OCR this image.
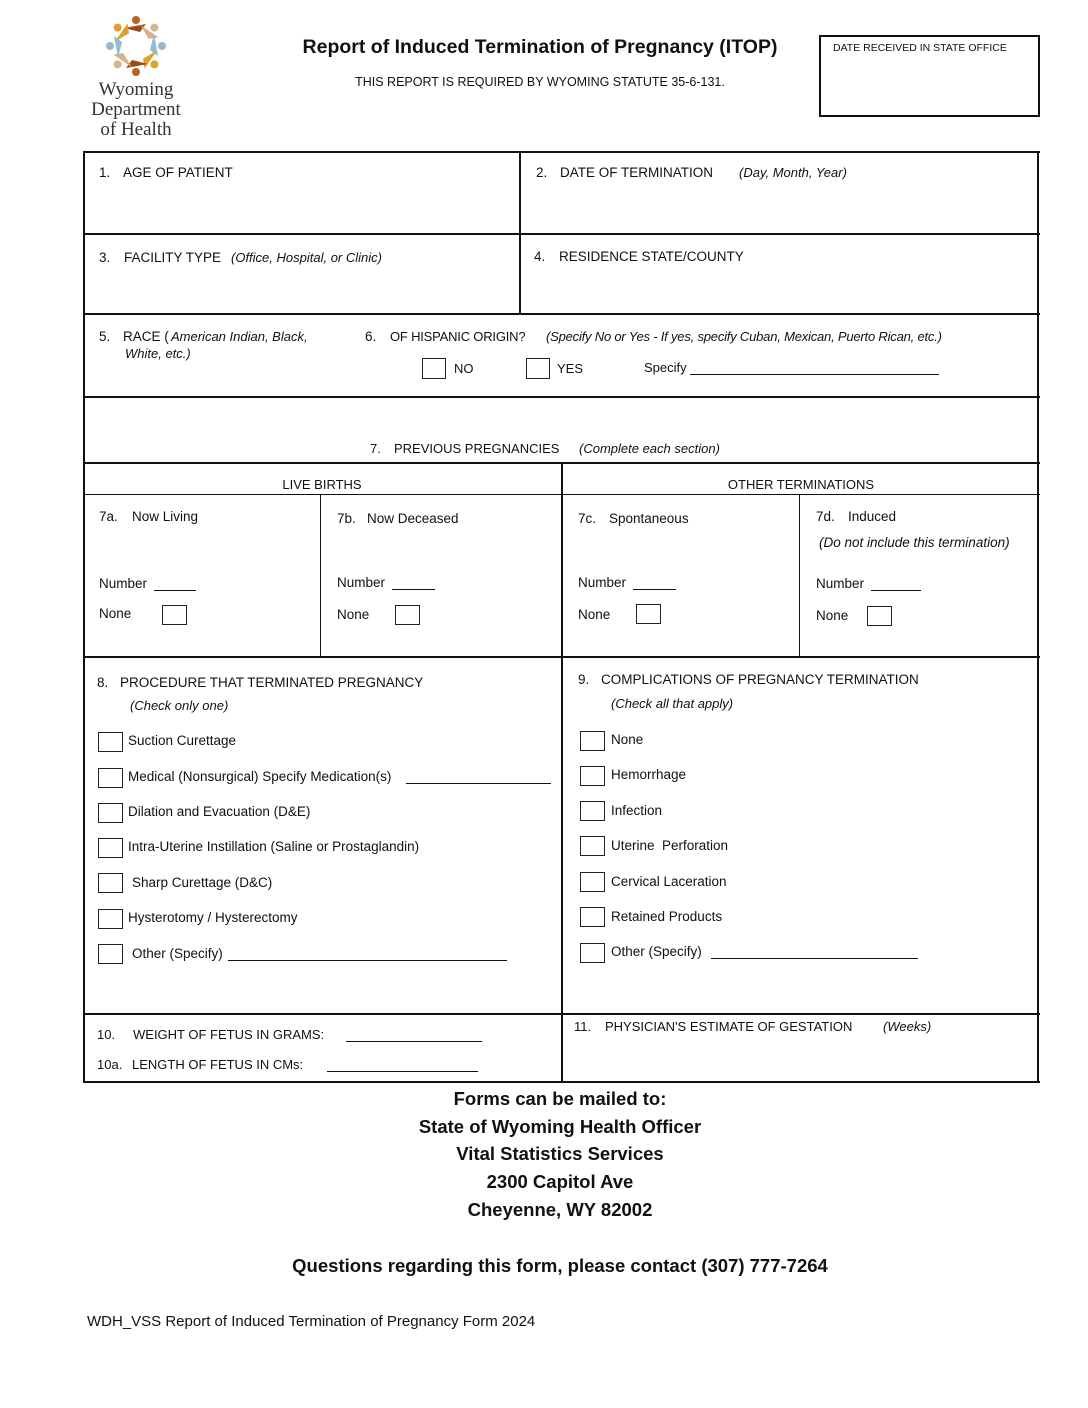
Wyoming
Department
of Health
Report of Induced Termination of Pregnancy (ITOP)
THIS REPORT IS REQUIRED BY WYOMING STATUTE 35-6-131.
DATE RECEIVED IN STATE OFFICE
1. AGE OF PATIENT	2. DATE OF TERMINATION (Day, Month, Year)
3. FACILITY TYPE (Office, Hospital, or Clinic)	4. RESIDENCE STATE/COUNTY
5. RACE ( American Indian, Black,
White, etc.)
6. OF HISPANIC ORIGIN? (Specify No or Yes - If yes, specify Cuban, Mexican, Puerto Rican, etc.)
NO	YES	Specify
7. PREVIOUS PREGNANCIES (Complete each section)
LIVE BIRTHS	OTHER TERMINATIONS
7a. Now Living
Number
None
7b. Now Deceased
Number
None
7c. Spontaneous
Number
None
7d. Induced
(Do not include this termination)
Number
None
8. PROCEDURE THAT TERMINATED PREGNANCY
(Check only one)
Suction Curettage
Medical (Nonsurgical) Specify Medication(s)
Dilation and Evacuation (D&E)
Intra-Uterine Instillation (Saline or Prostaglandin)
Sharp Curettage (D&C)
Hysterotomy / Hysterectomy
Other (Specify)
9. COMPLICATIONS OF PREGNANCY TERMINATION
(Check all that apply)
None
Hemorrhage
Infection
Uterine  Perforation
Cervical Laceration
Retained Products
Other (Specify)
10. WEIGHT OF FETUS IN GRAMS:
10a. LENGTH OF FETUS IN CMs:
11. PHYSICIAN'S ESTIMATE OF GESTATION (Weeks)
Forms can be mailed to:
State of Wyoming Health Officer
Vital Statistics Services
2300 Capitol Ave
Cheyenne, WY 82002
Questions regarding this form, please contact (307) 777-7264
WDH_VSS Report of Induced Termination of Pregnancy Form 2024
